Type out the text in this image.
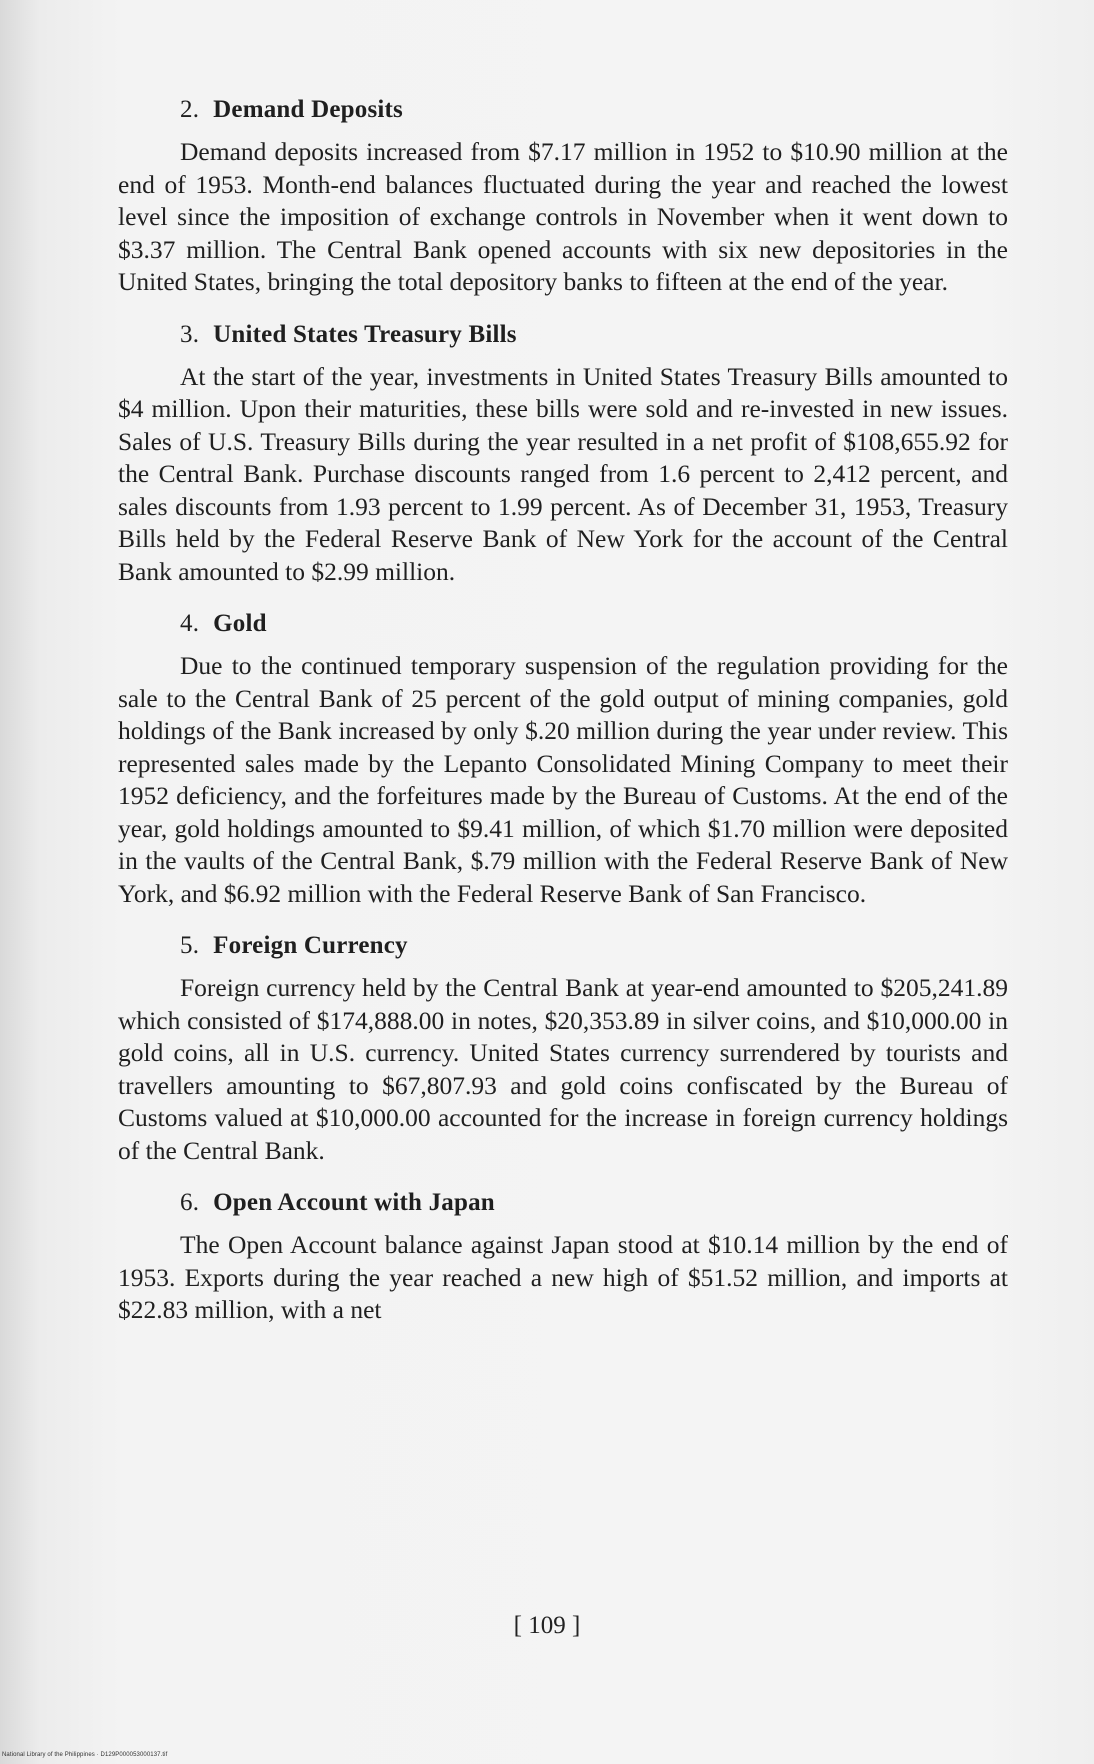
2. Demand Deposits

Demand deposits increased from $7.17 million in 1952 to $10.90 million at the end of 1953. Month-end balances fluctuated during the year and reached the lowest level since the imposition of exchange controls in November when it went down to $3.37 million. The Central Bank opened accounts with six new depositories in the United States, bringing the total depository banks to fifteen at the end of the year.

3. United States Treasury Bills

At the start of the year, investments in United States Treasury Bills amounted to $4 million. Upon their maturities, these bills were sold and re-invested in new issues. Sales of U.S. Treasury Bills during the year resulted in a net profit of $108,655.92 for the Central Bank. Purchase discounts ranged from 1.6 percent to 2,412 percent, and sales discounts from 1.93 percent to 1.99 percent. As of December 31, 1953, Treasury Bills held by the Federal Reserve Bank of New York for the account of the Central Bank amounted to $2.99 million.

4. Gold

Due to the continued temporary suspension of the regulation providing for the sale to the Central Bank of 25 percent of the gold output of mining companies, gold holdings of the Bank increased by only $.20 million during the year under review. This represented sales made by the Lepanto Consolidated Mining Company to meet their 1952 deficiency, and the forfeitures made by the Bureau of Customs. At the end of the year, gold holdings amounted to $9.41 million, of which $1.70 million were deposited in the vaults of the Central Bank, $.79 million with the Federal Reserve Bank of New York, and $6.92 million with the Federal Reserve Bank of San Francisco.

5. Foreign Currency

Foreign currency held by the Central Bank at year-end amounted to $205,241.89 which consisted of $174,888.00 in notes, $20,353.89 in silver coins, and $10,000.00 in gold coins, all in U.S. currency. United States currency surrendered by tourists and travellers amounting to $67,807.93 and gold coins confiscated by the Bureau of Customs valued at $10,000.00 accounted for the increase in foreign currency holdings of the Central Bank.

6. Open Account with Japan

The Open Account balance against Japan stood at $10.14 million by the end of 1953. Exports during the year reached a new high of $51.52 million, and imports at $22.83 million, with a net

[ 109 ]
National Library of the Philippines · D129P000053000137.tif
